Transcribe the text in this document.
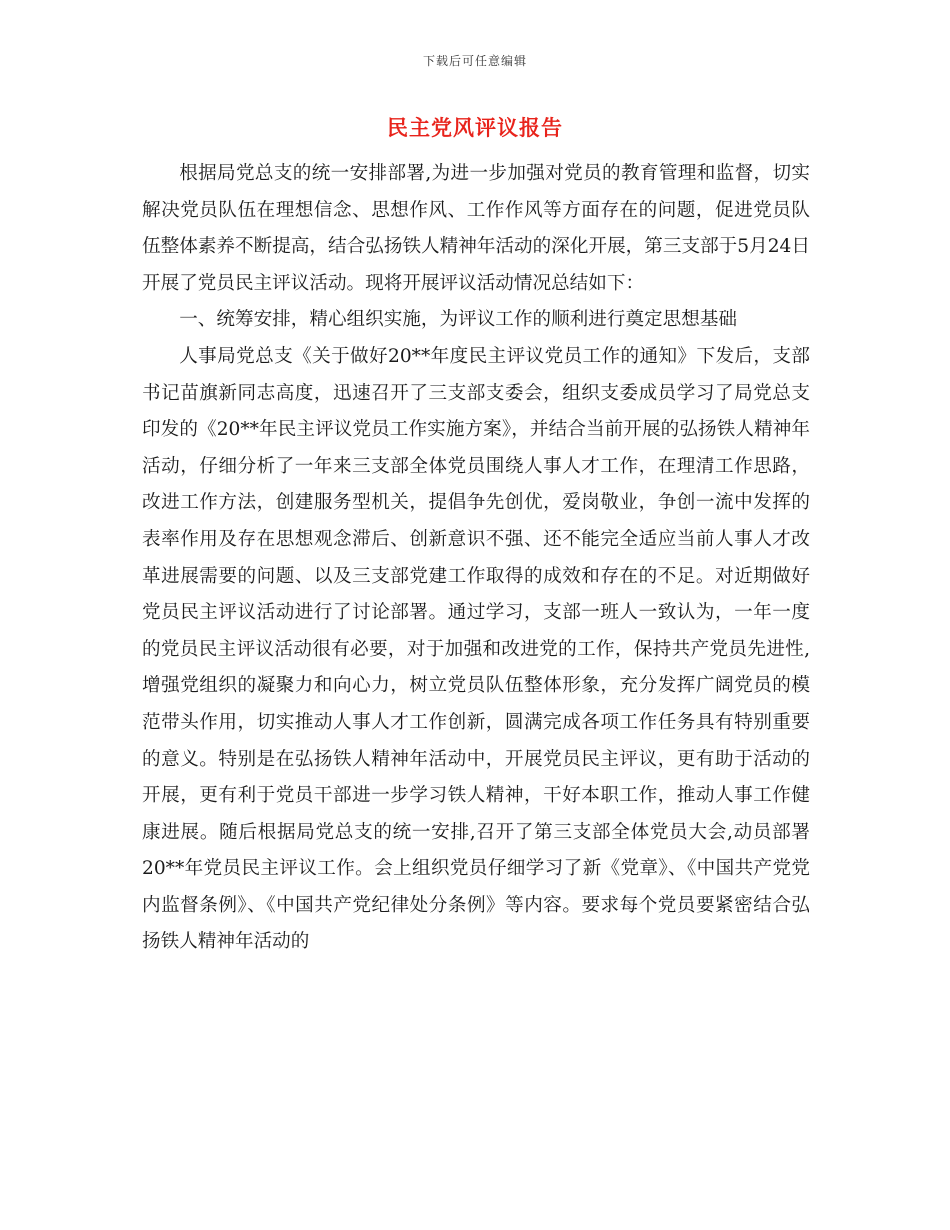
下载后可任意编辑
民主党风评议报告

根据局党总支的统一安排部署,为进一步加强对党员的教育管理和监督，切实解决党员队伍在理想信念、思想作风、工作作风等方面存在的问题，促进党员队伍整体素养不断提高，结合弘扬铁人精神年活动的深化开展，第三支部于5月24日开展了党员民主评议活动。现将开展评议活动情况总结如下：

一、统筹安排，精心组织实施，为评议工作的顺利进行奠定思想基础

人事局党总支《关于做好20**年度民主评议党员工作的通知》下发后，支部书记苗旗新同志高度，迅速召开了三支部支委会，组织支委成员学习了局党总支印发的《20**年民主评议党员工作实施方案》，并结合当前开展的弘扬铁人精神年活动，仔细分析了一年来三支部全体党员围绕人事人才工作，在理清工作思路，改进工作方法，创建服务型机关，提倡争先创优，爱岗敬业，争创一流中发挥的表率作用及存在思想观念滞后、创新意识不强、还不能完全适应当前人事人才改革进展需要的问题、以及三支部党建工作取得的成效和存在的不足。对近期做好党员民主评议活动进行了讨论部署。通过学习，支部一班人一致认为，一年一度的党员民主评议活动很有必要，对于加强和改进党的工作，保持共产党员先进性,增强党组织的凝聚力和向心力，树立党员队伍整体形象，充分发挥广阔党员的模范带头作用，切实推动人事人才工作创新，圆满完成各项工作任务具有特别重要的意义。特别是在弘扬铁人精神年活动中，开展党员民主评议，更有助于活动的开展，更有利于党员干部进一步学习铁人精神，干好本职工作，推动人事工作健康进展。随后根据局党总支的统一安排,召开了第三支部全体党员大会,动员部署20**年党员民主评议工作。会上组织党员仔细学习了新《党章》、《中国共产党党内监督条例》、《中国共产党纪律处分条例》等内容。要求每个党员要紧密结合弘扬铁人精神年活动的
